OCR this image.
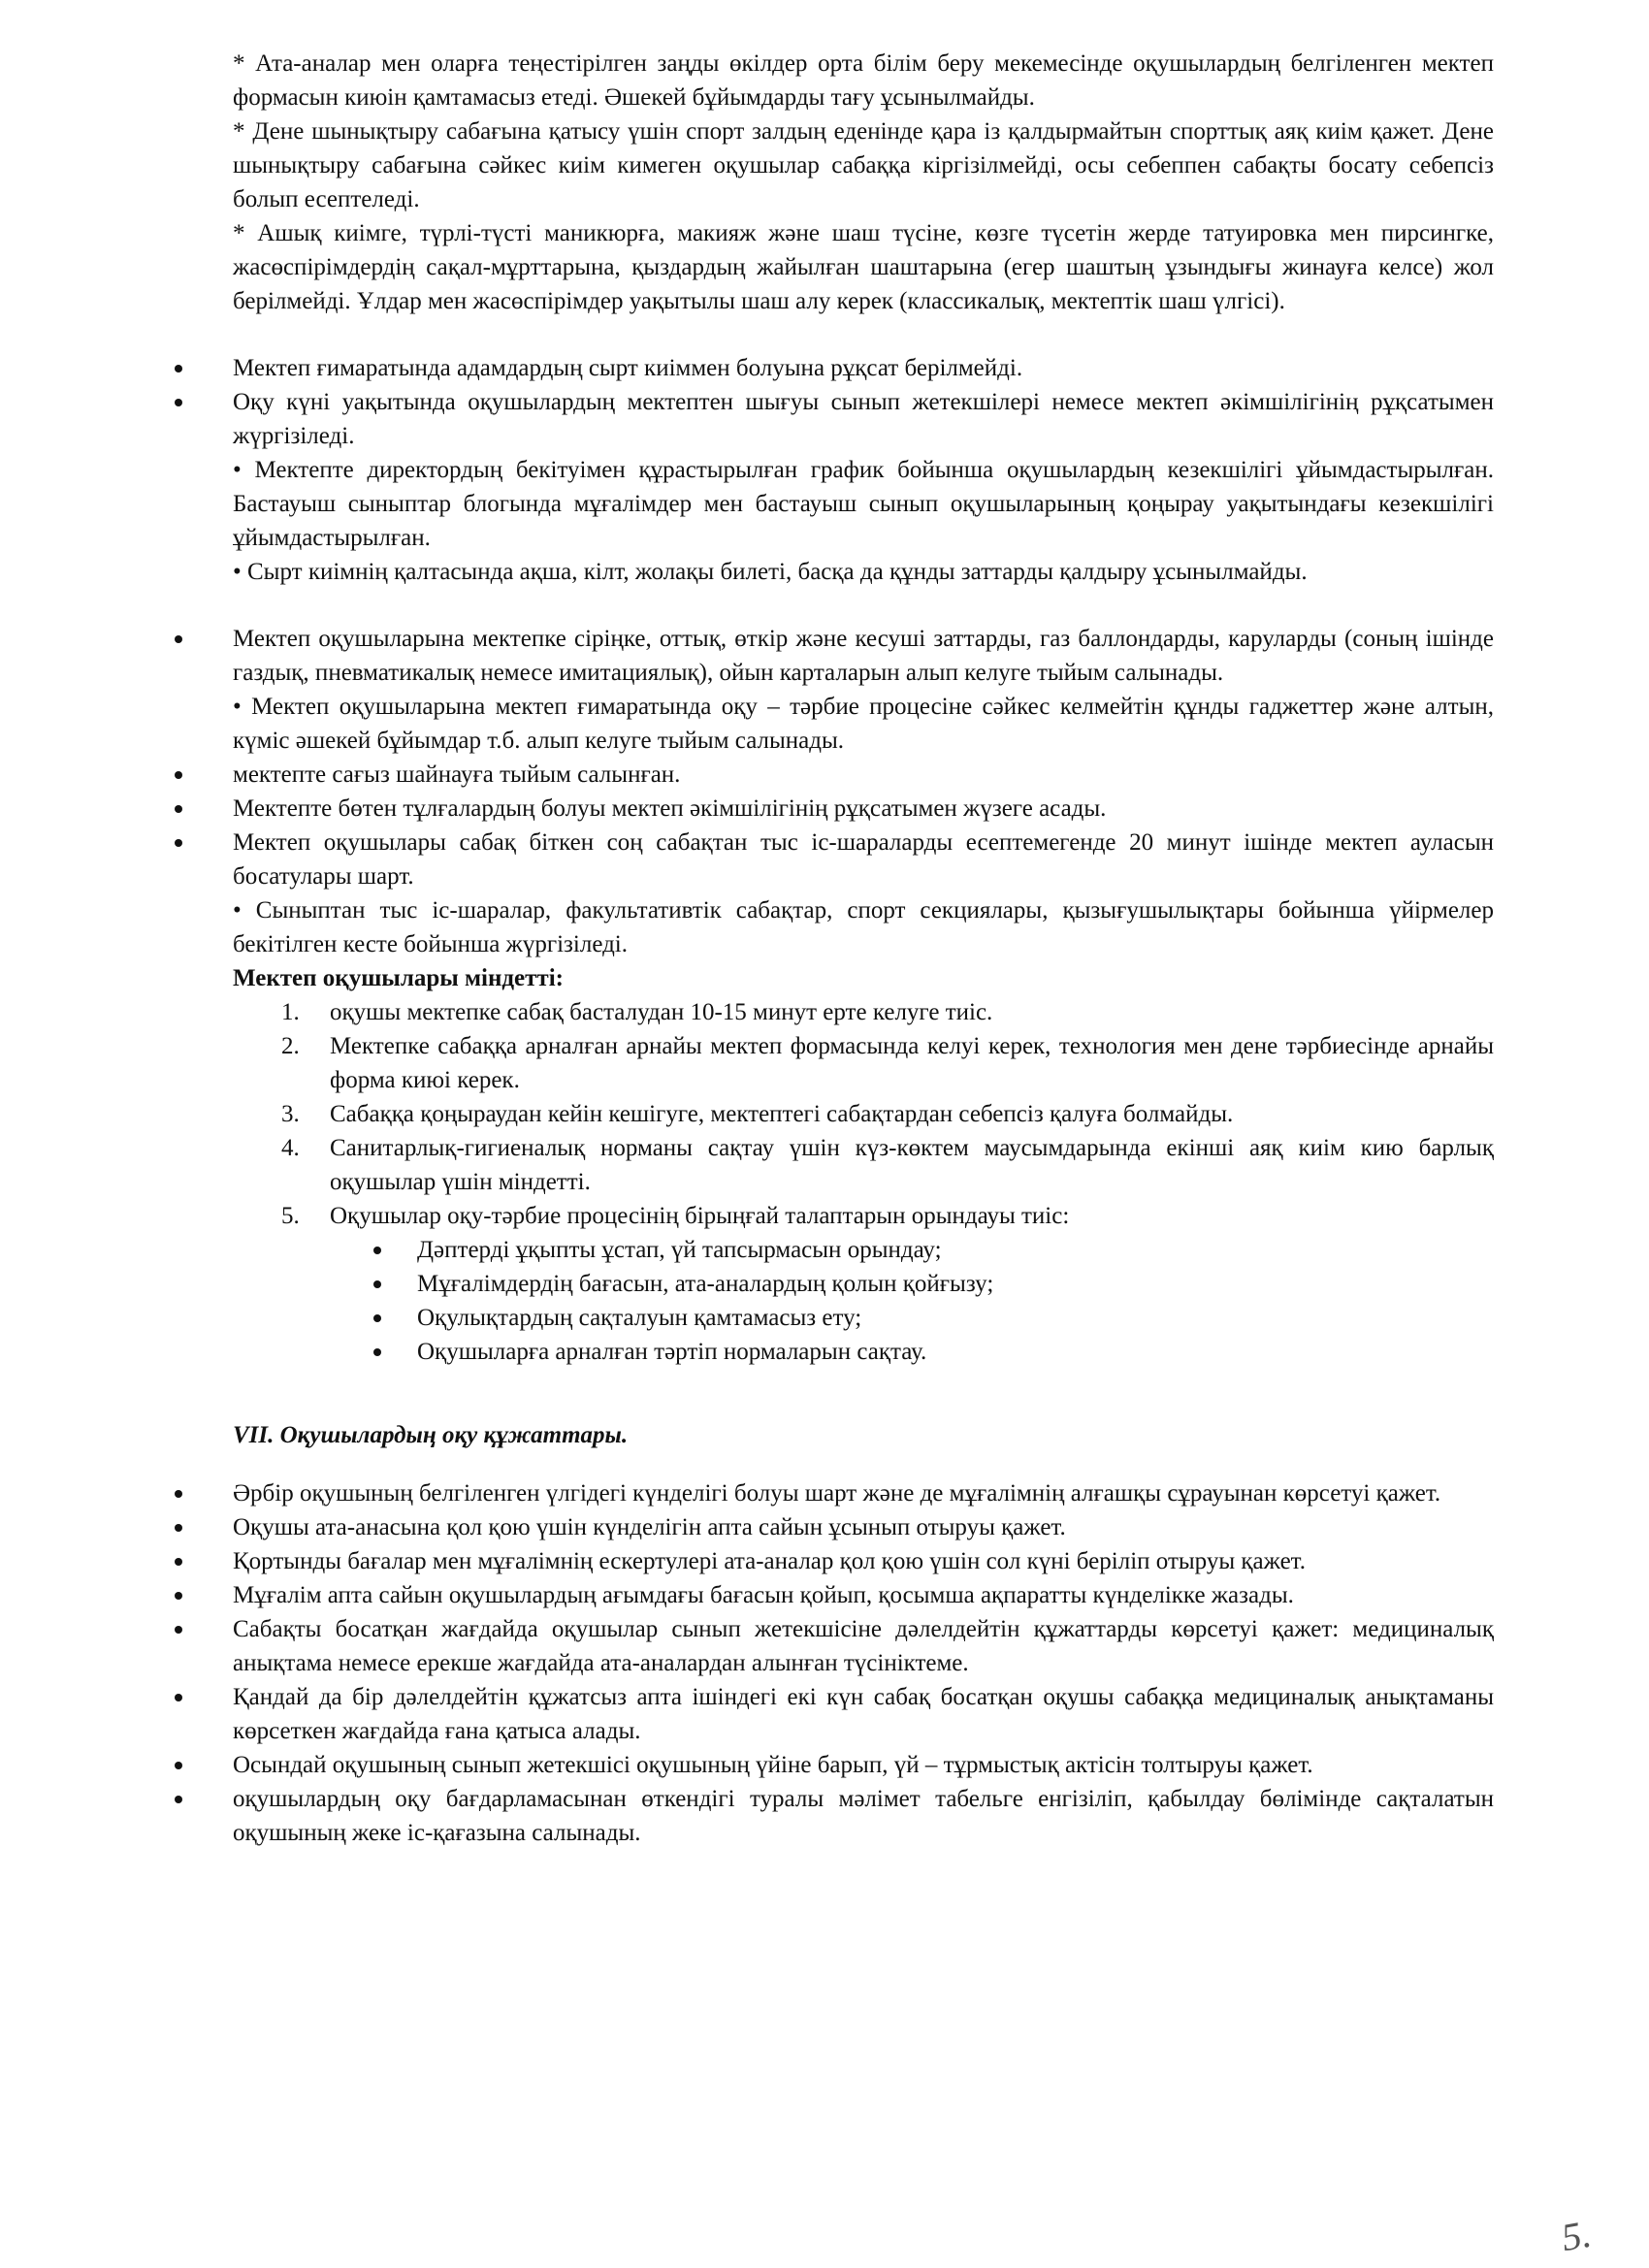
* Ата-аналар мен оларға теңестірілген заңды өкілдер орта білім беру мекемесінде оқушылардың белгіленген мектеп формасын киюін қамтамасыз етеді. Әшекей бұйымдарды тағу ұсынылмайды.

* Дене шынықтыру сабағына қатысу үшін спорт залдың еденінде қара із қалдырмайтын спорттық аяқ киім қажет. Дене шынықтыру сабағына сәйкес киім кимеген оқушылар сабаққа кіргізілмейді, осы себеппен сабақты босату себепсіз болып есептеледі.

* Ашық киімге, түрлі-түсті маникюрға, макияж және шаш түсіне, көзге түсетін жерде татуировка мен пирсингке, жасөспірімдердің сақал-мұрттарына, қыздардың жайылған шаштарына (егер шаштың ұзындығы жинауға келсе) жол берілмейді. Ұлдар мен жасөспірімдер уақытылы шаш алу керек (классикалық, мектептік шаш үлгісі).

Мектеп ғимаратында адамдардың сырт киіммен болуына рұқсат берілмейді.
Оқу күні уақытында оқушылардың мектептен шығуы сынып жетекшілері немесе мектеп әкімшілігінің рұқсатымен жүргізіледі.

• Мектепте директордың бекітуімен құрастырылған график бойынша оқушылардың кезекшілігі ұйымдастырылған. Бастауыш сыныптар блогында мұғалімдер мен бастауыш сынып оқушыларының қоңырау уақытындағы кезекшілігі ұйымдастырылған.

• Сырт киімнің қалтасында ақша, кілт, жолақы билеті, басқа да құнды заттарды қалдыру ұсынылмайды.

Мектеп оқушыларына мектепке сіріңке, оттық, өткір және кесуші заттарды, газ баллондарды, каруларды (соның ішінде газдық, пневматикалық немесе имитациялық), ойын карталарын алып келуге тыйым салынады.

• Мектеп оқушыларына мектеп ғимаратында оқу – тәрбие процесіне сәйкес келмейтін құнды гаджеттер және алтын, күміс әшекей бұйымдар т.б. алып келуге тыйым салынады.

мектепте сағыз шайнауға тыйым салынған.
Мектепте бөтен тұлғалардың болуы мектеп әкімшілігінің рұқсатымен жүзеге асады.
Мектеп оқушылары сабақ біткен соң сабақтан тыс іс-шараларды есептемегенде 20 минут ішінде мектеп ауласын босатулары шарт.

• Сыныптан тыс іс-шаралар, факультативтік сабақтар, спорт секциялары, қызығушылықтары бойынша үйірмелер бекітілген кесте бойынша жүргізіледі.

Мектеп оқушылары міндетті:

1. оқушы мектепке сабақ басталудан 10-15 минут ерте келуге тиіс.
2. Мектепке сабаққа арналған арнайы мектеп формасында келуі керек, технология мен дене тәрбиесінде арнайы форма киюі керек.
3. Сабаққа қоңыраудан кейін кешігуге, мектептегі сабақтардан себепсіз қалуға болмайды.
4. Санитарлық-гигиеналық норманы сақтау үшін күз-көктем маусымдарында екінші аяқ киім кию барлық оқушылар үшін міндетті.
5. Оқушылар оқу-тәрбие процесінің бірыңғай талаптарын орындауы тиіс:
Дәптерді ұқыпты ұстап, үй тапсырмасын орындау;
Мұғалімдердің бағасын, ата-аналардың қолын қойғызу;
Оқулықтардың сақталуын қамтамасыз ету;
Оқушыларға арналған тәртіп нормаларын сақтау.

VII. Оқушылардың оқу құжаттары.

Әрбір оқушының белгіленген үлгідегі күнделігі болуы шарт және де мұғалімнің алғашқы сұрауынан көрсетуі қажет.
Оқушы ата-анасына қол қою үшін күнделігін апта сайын ұсынып отыруы қажет.
Қортынды бағалар мен мұғалімнің ескертулері ата-аналар қол қою үшін сол күні беріліп отыруы қажет.
Мұғалім апта сайын оқушылардың ағымдағы бағасын қойып, қосымша ақпаратты күнделікке жазады.
Сабақты босатқан жағдайда оқушылар сынып жетекшісіне дәлелдейтін құжаттарды көрсетуі қажет: медициналық анықтама немесе ерекше жағдайда ата-аналардан алынған түсініктеме.
Қандай да бір дәлелдейтін құжатсыз апта ішіндегі екі күн сабақ босатқан оқушы сабаққа медициналық анықтаманы көрсеткен жағдайда ғана қатыса алады.
Осындай оқушының сынып жетекшісі оқушының үйіне барып, үй – тұрмыстық актісін толтыруы қажет.
оқушылардың оқу бағдарламасынан өткендігі туралы мәлімет табельге енгізіліп, қабылдау бөлімінде сақталатын оқушының жеке іс-қағазына салынады.
5.
